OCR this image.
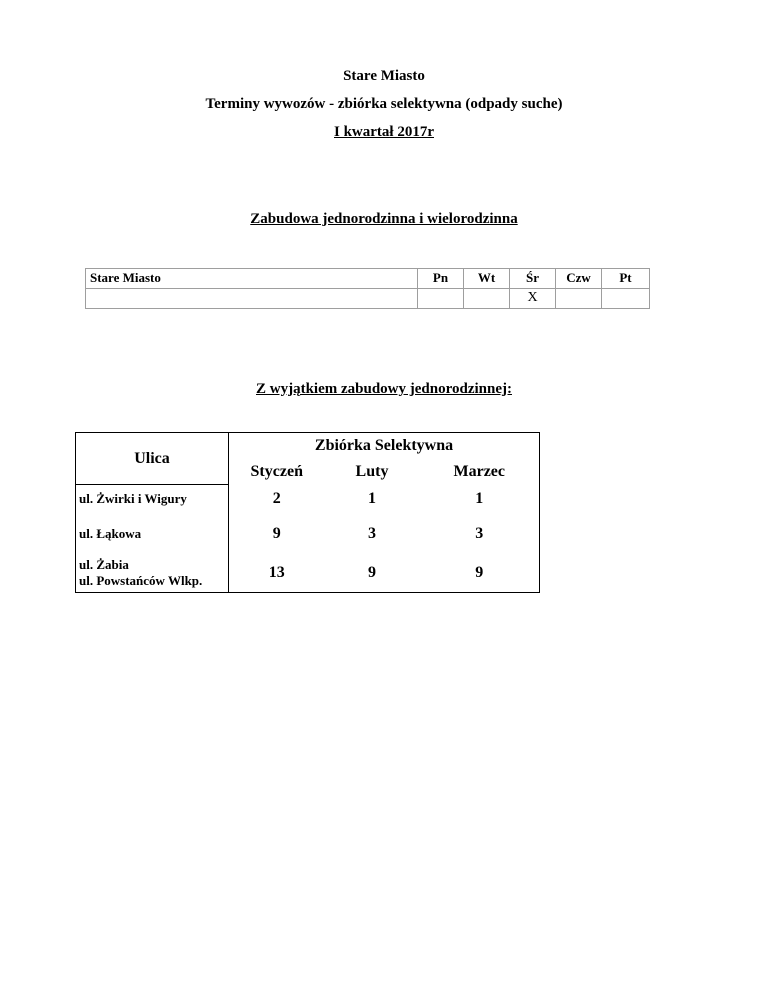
Stare Miasto
Terminy wywozów - zbiórka selektywna (odpady suche)
I kwartał 2017r
Zabudowa jednorodzinna i wielorodzinna
Stare Miasto	Pn	Wt	Śr	Czw	Pt
			X		
Z wyjątkiem zabudowy jednorodzinnej:
Ulica	Zbiórka Selektywna		
	Styczeń	Luty	Marzec
ul. Żwirki i Wigury	2	1	1
ul. Łąkowa	9	3	3

ul. Żabia
ul. Powstańców Wlkp.	13	9	9
